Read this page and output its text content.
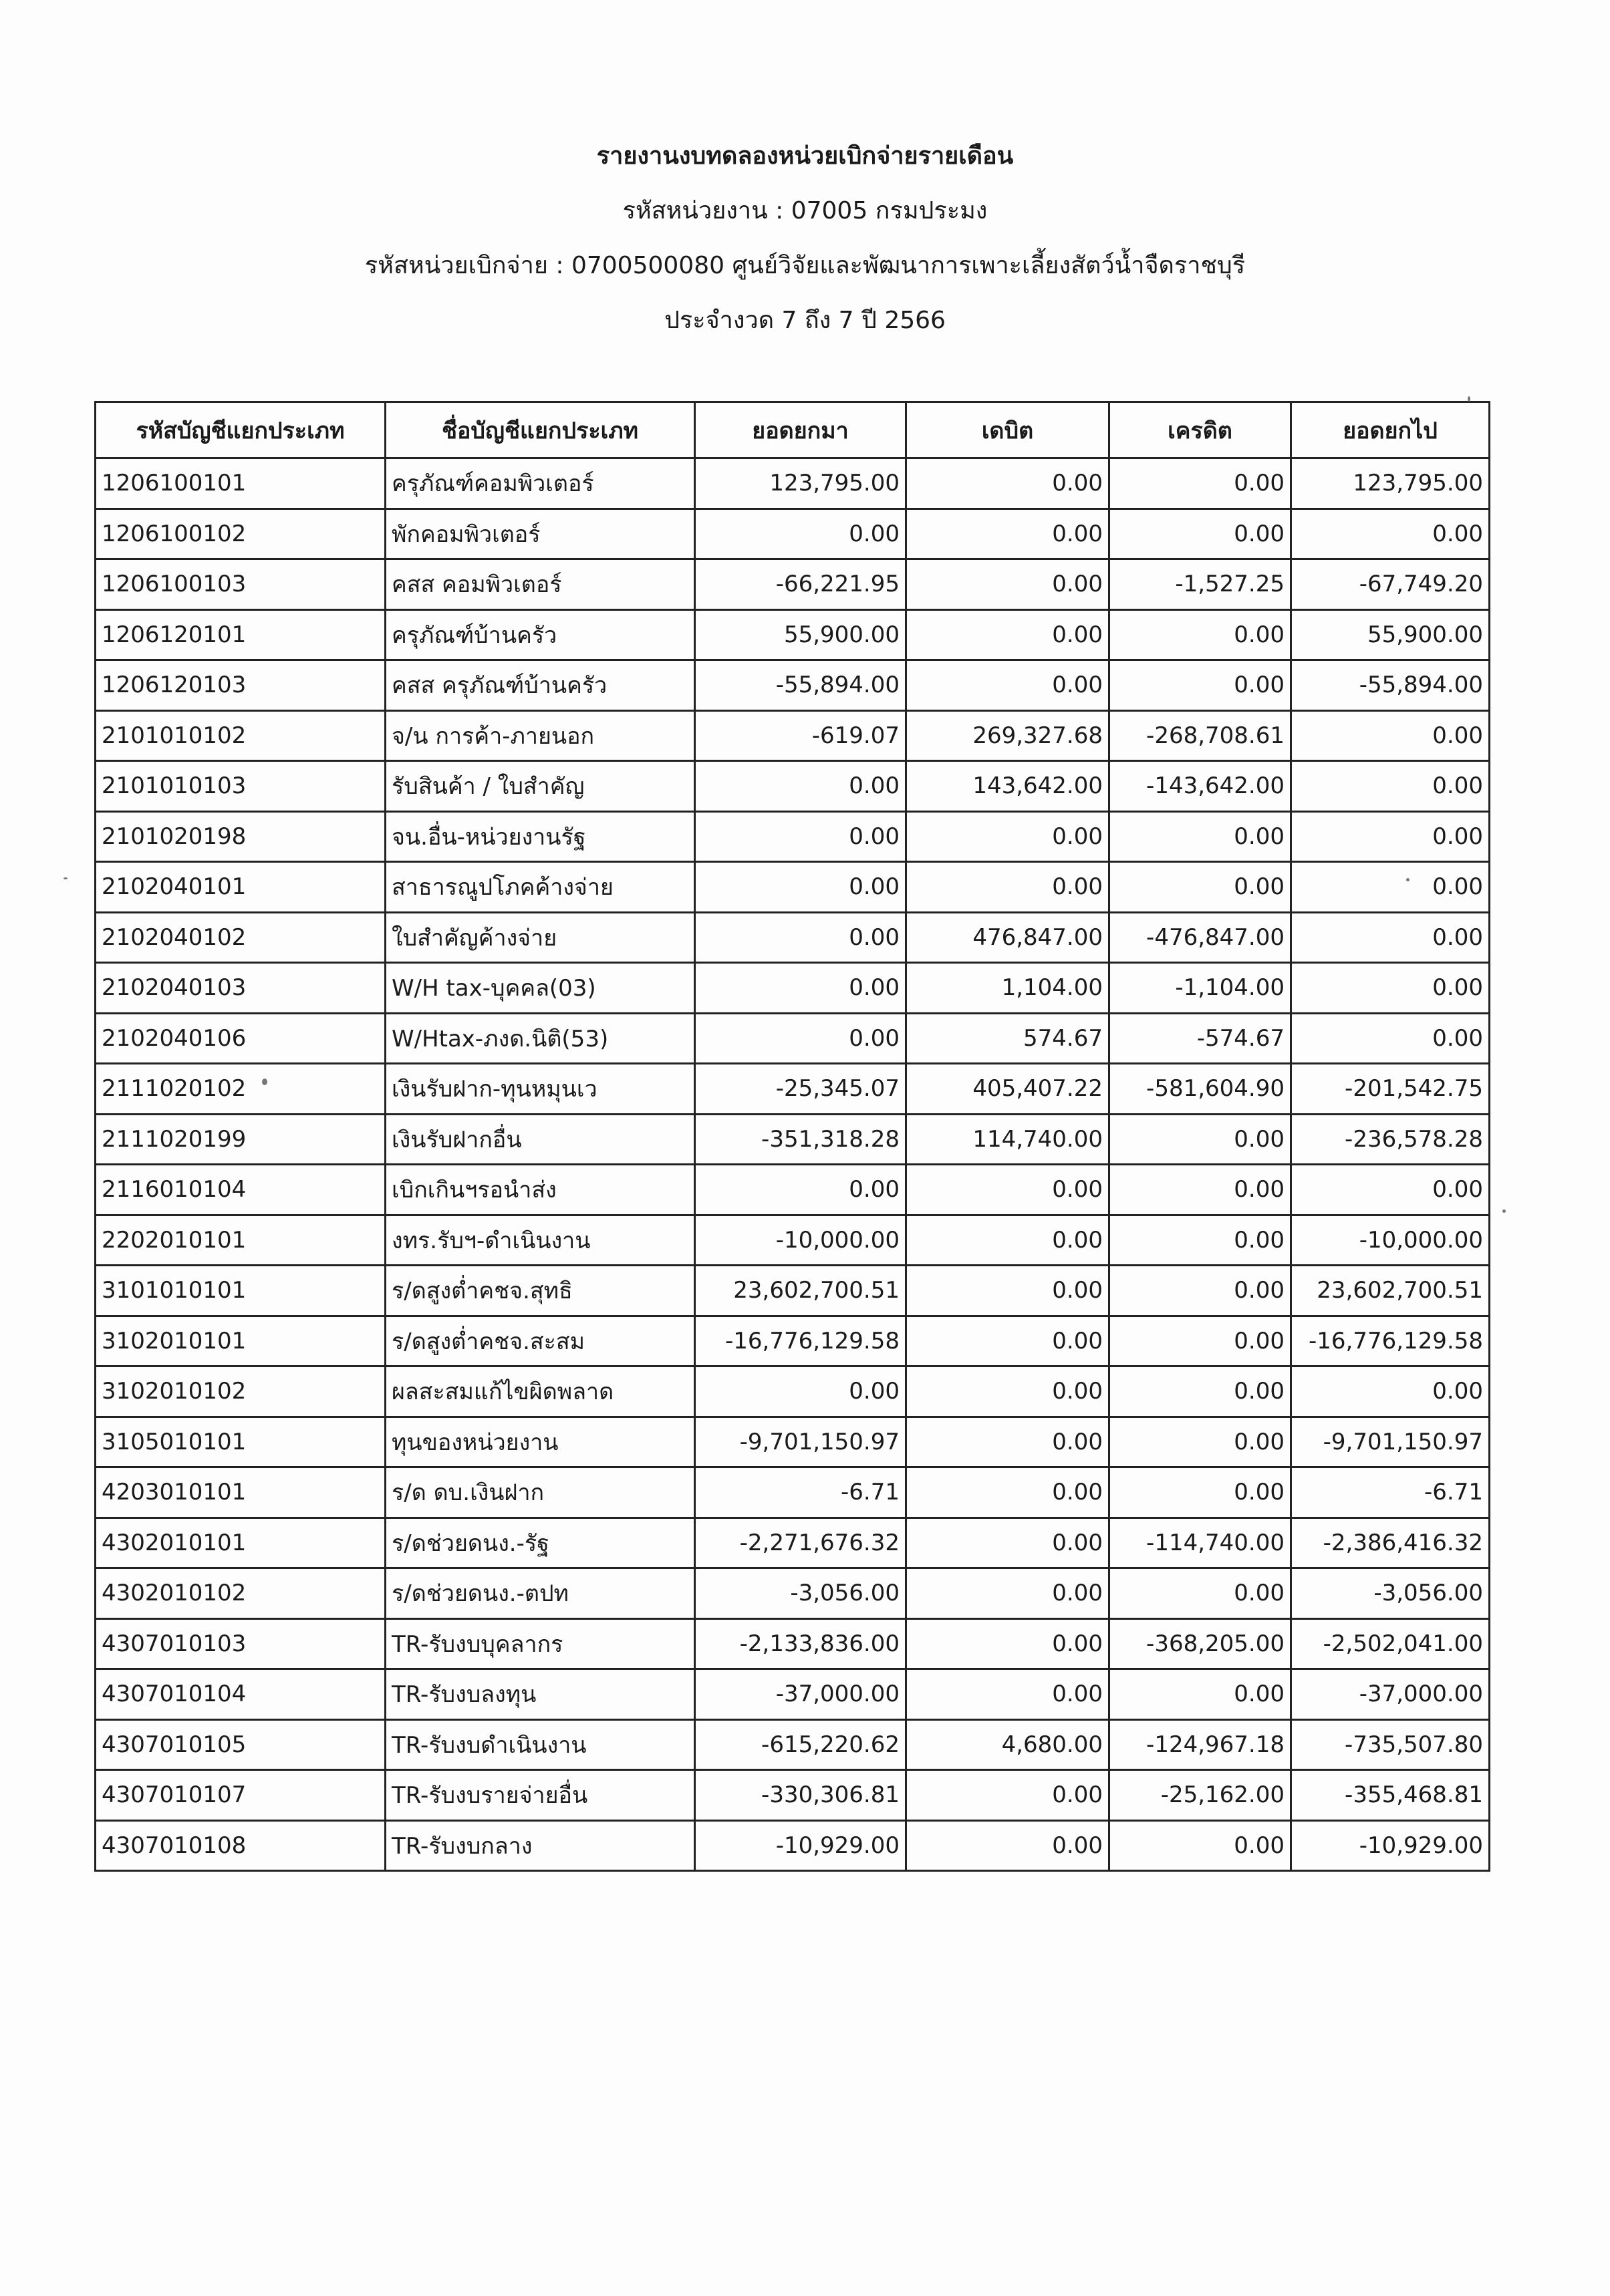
รายงานงบทดลองหน่วยเบิกจ่ายรายเดือน
รหัสหน่วยงาน : 07005 กรมประมง
รหัสหน่วยเบิกจ่าย : 0700500080 ศูนย์วิจัยและพัฒนาการเพาะเลี้ยงสัตว์น้ำจืดราชบุรี
ประจำงวด 7 ถึง 7 ปี 2566
รหัสบัญชีแยกประเภท	ชื่อบัญชีแยกประเภท	ยอดยกมา	เดบิต	เครดิต	ยอดยกไป
1206100101	ครุภัณฑ์คอมพิวเตอร์	123,795.00	0.00	0.00	123,795.00
1206100102	พักคอมพิวเตอร์	0.00	0.00	0.00	0.00
1206100103	คสส คอมพิวเตอร์	-66,221.95	0.00	-1,527.25	-67,749.20
1206120101	ครุภัณฑ์บ้านครัว	55,900.00	0.00	0.00	55,900.00
1206120103	คสส ครุภัณฑ์บ้านครัว	-55,894.00	0.00	0.00	-55,894.00
2101010102	จ/น การค้า-ภายนอก	-619.07	269,327.68	-268,708.61	0.00
2101010103	รับสินค้า / ใบสำคัญ	0.00	143,642.00	-143,642.00	0.00
2101020198	จน.อื่น-หน่วยงานรัฐ	0.00	0.00	0.00	0.00
2102040101	สาธารณูปโภคค้างจ่าย	0.00	0.00	0.00	0.00
2102040102	ใบสำคัญค้างจ่าย	0.00	476,847.00	-476,847.00	0.00
2102040103	W/H tax-บุคคล(03)	0.00	1,104.00	-1,104.00	0.00
2102040106	W/Htax-ภงด.นิติ(53)	0.00	574.67	-574.67	0.00
2111020102	เงินรับฝาก-ทุนหมุนเว	-25,345.07	405,407.22	-581,604.90	-201,542.75
2111020199	เงินรับฝากอื่น	-351,318.28	114,740.00	0.00	-236,578.28
2116010104	เบิกเกินฯรอนำส่ง	0.00	0.00	0.00	0.00
2202010101	งทร.รับฯ-ดำเนินงาน	-10,000.00	0.00	0.00	-10,000.00
3101010101	ร/ดสูงต่ำคชจ.สุทธิ	23,602,700.51	0.00	0.00	23,602,700.51
3102010101	ร/ดสูงต่ำคชจ.สะสม	-16,776,129.58	0.00	0.00	-16,776,129.58
3102010102	ผลสะสมแก้ไขผิดพลาด	0.00	0.00	0.00	0.00
3105010101	ทุนของหน่วยงาน	-9,701,150.97	0.00	0.00	-9,701,150.97
4203010101	ร/ด ดบ.เงินฝาก	-6.71	0.00	0.00	-6.71
4302010101	ร/ดช่วยดนง.-รัฐ	-2,271,676.32	0.00	-114,740.00	-2,386,416.32
4302010102	ร/ดช่วยดนง.-ตปท	-3,056.00	0.00	0.00	-3,056.00
4307010103	TR-รับงบบุคลากร	-2,133,836.00	0.00	-368,205.00	-2,502,041.00
4307010104	TR-รับงบลงทุน	-37,000.00	0.00	0.00	-37,000.00
4307010105	TR-รับงบดำเนินงาน	-615,220.62	4,680.00	-124,967.18	-735,507.80
4307010107	TR-รับงบรายจ่ายอื่น	-330,306.81	0.00	-25,162.00	-355,468.81
4307010108	TR-รับงบกลาง	-10,929.00	0.00	0.00	-10,929.00
